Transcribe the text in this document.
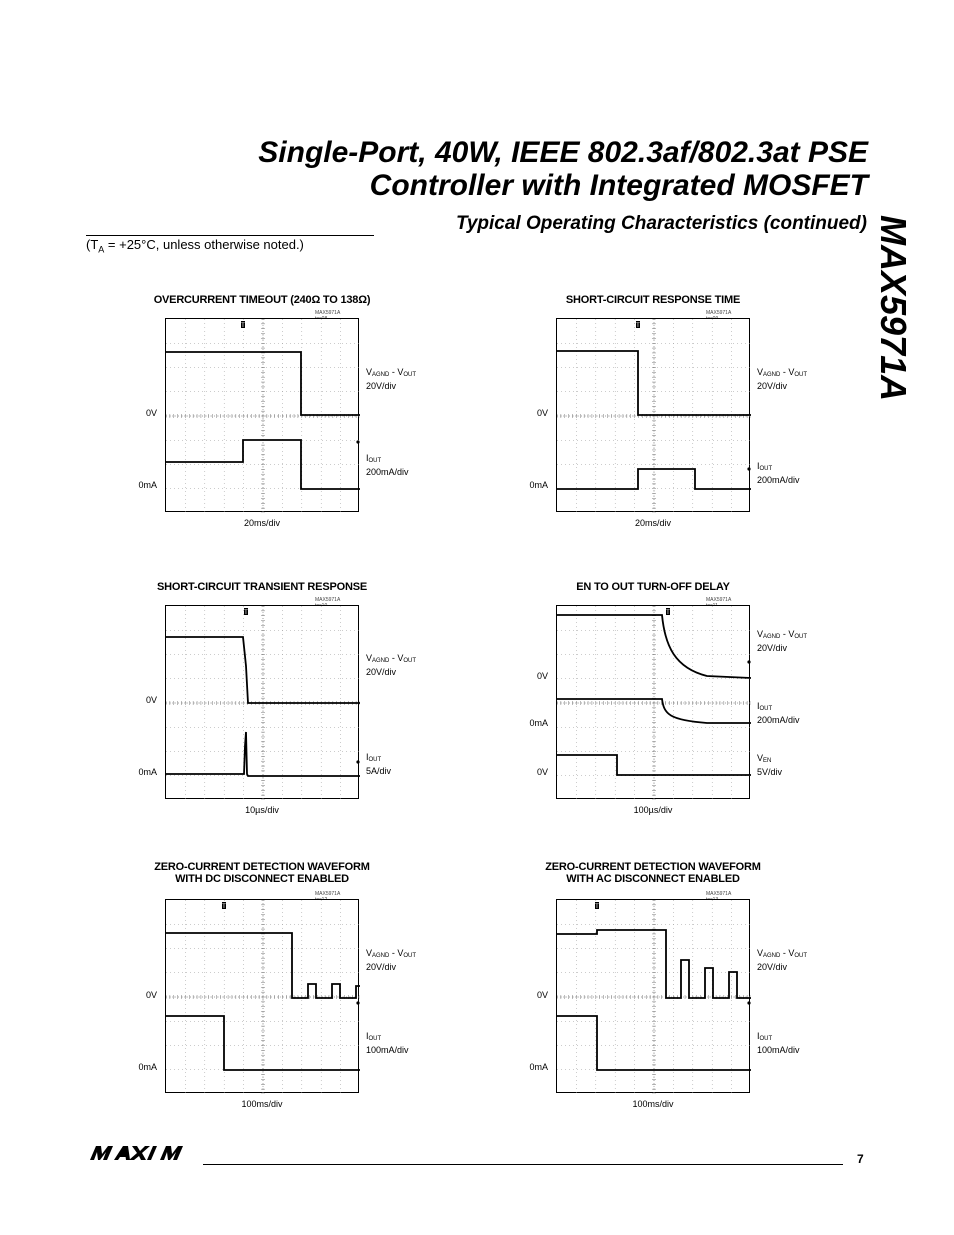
Single-Port, 40W, IEEE 802.3af/802.3at PSE
Controller with Integrated MOSFET
MAX5971A
Typical Operating Characteristics (continued)
($T_A = +25^\circ C$, unless otherwise noted.)
OVERCURRENT TIMEOUT (240Ω TO 138Ω)
MAX5971A
T
0V
0mA
$V_{AGND} - V_{OUT}$
20V/div
$I_{OUT}$
200mA/div
20ms/div
SHORT-CIRCUIT RESPONSE TIME
MAX5971A
T
0V
0mA
$V_{AGND} - V_{OUT}$
20V/div
$I_{OUT}$
200mA/div
20ms/div
SHORT-CIRCUIT TRANSIENT RESPONSE
MAX5971A
T
0V
0mA
$V_{AGND} - V_{OUT}$
20V/div
$I_{OUT}$
5A/div
10µs/div
EN TO OUT TURN-OFF DELAY
MAX5971A
T
0V
0mA
0V
$V_{AGND} - V_{OUT}$
20V/div
$I_{OUT}$
200mA/div
$V_{EN}$
5V/div
100µs/div
ZERO-CURRENT DETECTION WAVEFORM
WITH DC DISCONNECT ENABLED
MAX5971A
T
0V
0mA
$V_{AGND} - V_{OUT}$
20V/div
$I_{OUT}$
100mA/div
100ms/div
ZERO-CURRENT DETECTION WAVEFORM
WITH AC DISCONNECT ENABLED
MAX5971A
T
0V
0mA
$V_{AGND} - V_{OUT}$
20V/div
$I_{OUT}$
100mA/div
100ms/div
7
